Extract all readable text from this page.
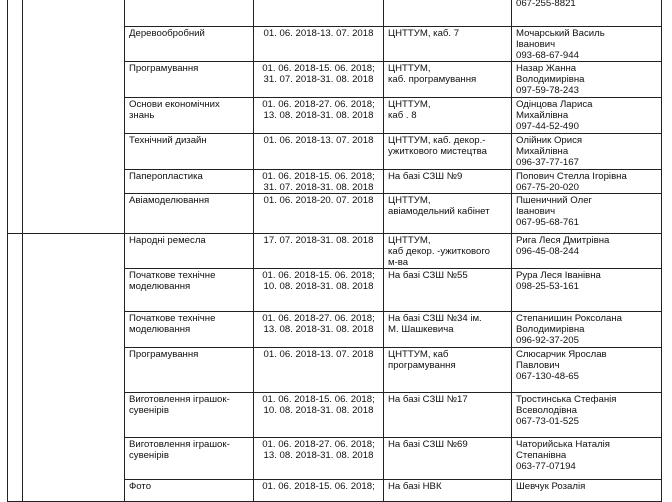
					067-255-8821

		Деревообробний	01. 06. 2018-13. 07. 2018	ЦНТТУМ, каб. 7	Мочарський Василь
Іванович
093-68-67-944

		Програмування	01. 06. 2018-15. 06. 2018;
31. 07. 2018-31. 08. 2018	ЦНТТУМ,
каб. програмування	Назар Жанна
Володимирівна
097-59-78-243

		Основи економічних
знань	01. 06. 2018-27. 06. 2018;
13. 08. 2018-31. 08. 2018	ЦНТТУМ,
каб . 8	Одінцова Лариса
Михайлівна
097-44-52-490

		Технічний дизайн	01. 06. 2018-13. 07. 2018	ЦНТТУМ, каб. декор.-
ужиткового мистецтва	Олійник Орися
Михайлівна
096-37-77-167

		Паперопластика	01. 06. 2018-15. 06. 2018;
31. 07. 2018-31. 08. 2018	На базі СЗШ №9	Попович Стелла Ігорівна
067-75-20-020

		Авіамоделювання	01. 06. 2018-20. 07. 2018	ЦНТТУМ,
авіамодельний кабінет	Пшеничний Олег
Іванович
067-95-68-761

		Народні ремесла	17. 07. 2018-31. 08. 2018	ЦНТТУМ,
каб декор. -ужиткового
м-ва	Рига Леся Дмитрівна
096-45-08-244

		Початкове технічне
моделювання	01. 06. 2018-15. 06. 2018;
10. 08. 2018-31. 08. 2018	На базі СЗШ №55	Рура Леся Іванівна
098-25-53-161

		Початкове технічне
моделювання	01. 06. 2018-27. 06. 2018;
13. 08. 2018-31. 08. 2018	На базі СЗШ №34 ім.
М. Шашкевича	Степанишин Роксолана
Володимирівна
096-92-37-205

		Програмування	01. 06. 2018-13. 07. 2018	ЦНТТУМ, каб
програмування	Слюсарчик Ярослав
Павлович
067-130-48-65

		Виготовлення іграшок-
сувенірів	01. 06. 2018-15. 06. 2018;
10. 08. 2018-31. 08. 2018	На базі СЗШ №17	Тростинська Стефанія
Всеволодівна
067-73-01-525

		Виготовлення іграшок-
сувенірів	01. 06. 2018-27. 06. 2018;
13. 08. 2018-31. 08. 2018	На базі СЗШ №69	Чаторийська Наталія
Степанівна
063-77-07194

		Фото	01. 06. 2018-15. 06. 2018;	На базі НВК	Шевчук Розалія
